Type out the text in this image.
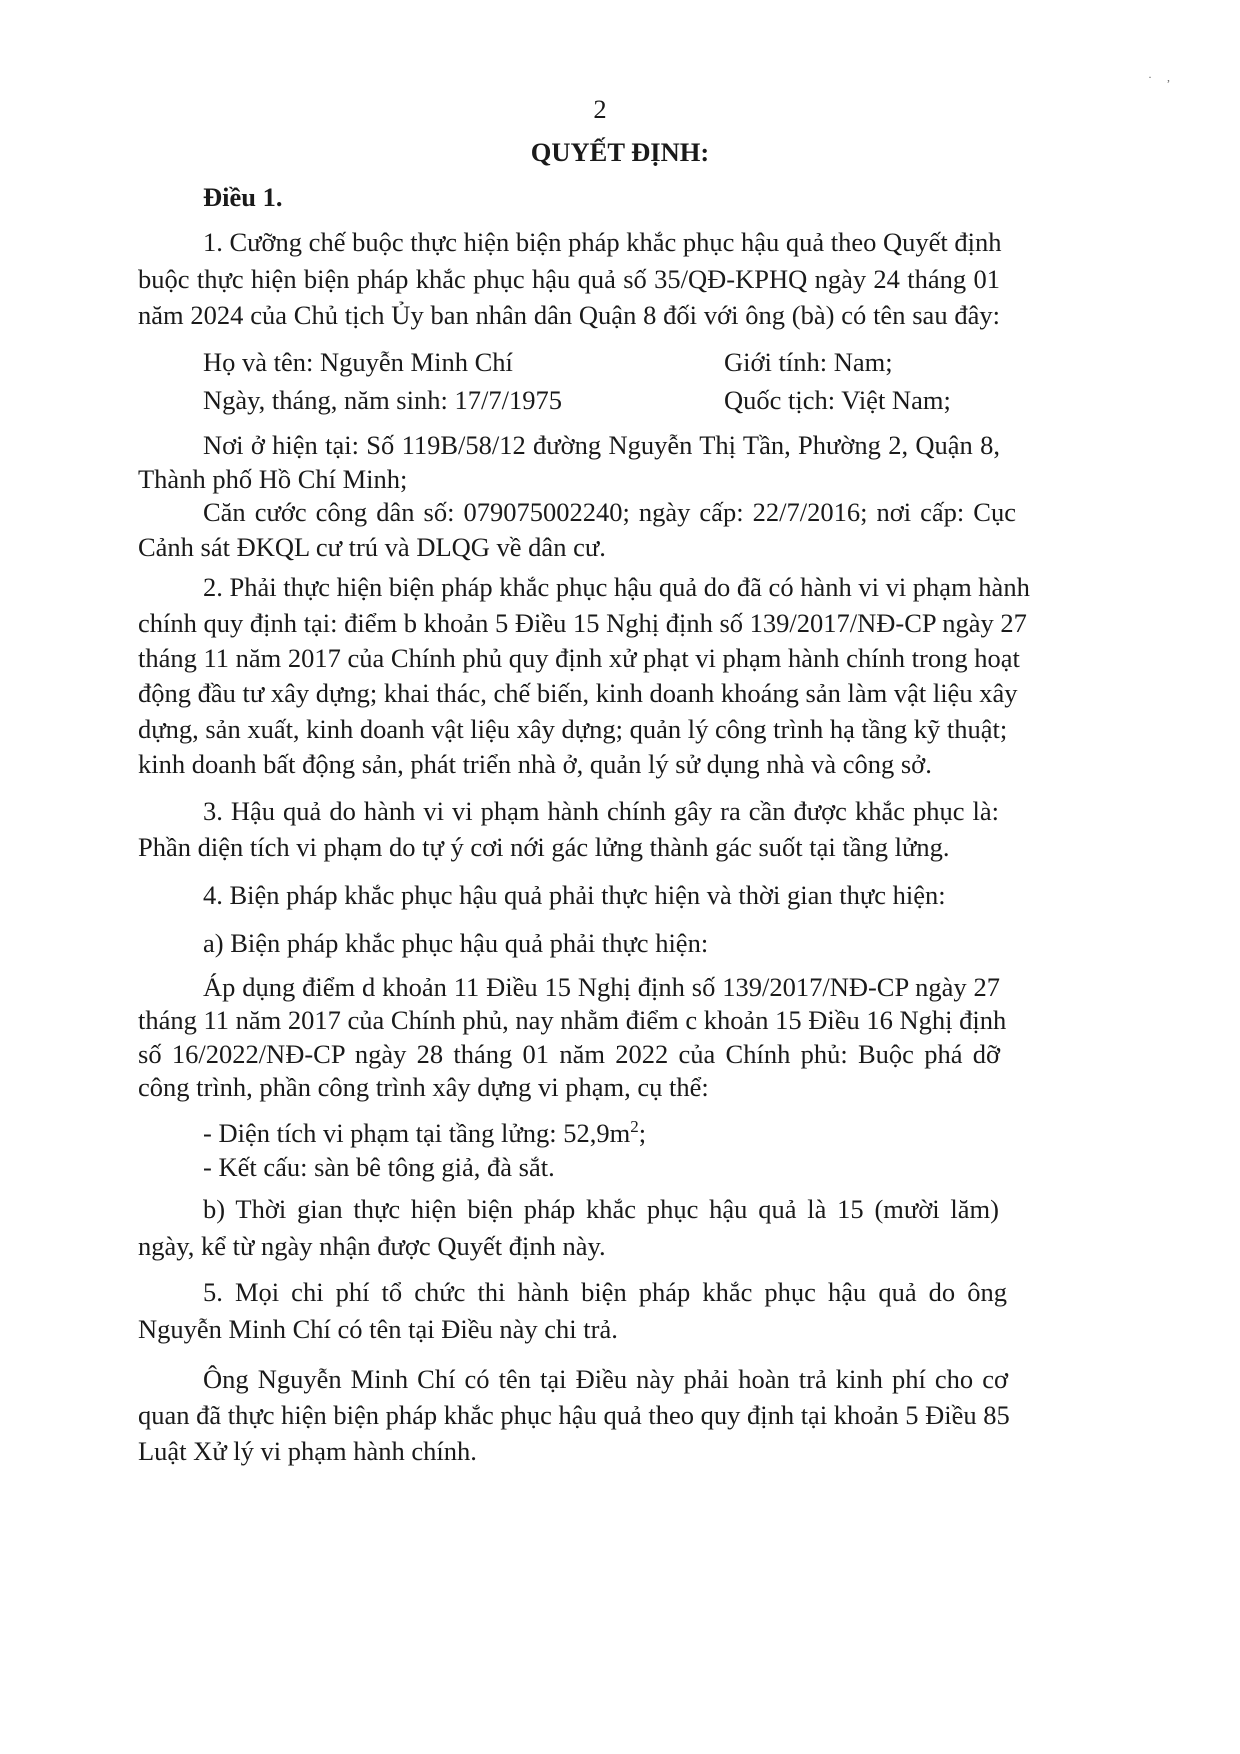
· ,

2

QUYẾT ĐỊNH:

Điều 1.

1. Cưỡng chế buộc thực hiện biện pháp khắc phục hậu quả theo Quyết định

buộc thực hiện biện pháp khắc phục hậu quả số 35/QĐ-KPHQ ngày 24 tháng 01

năm 2024 của Chủ tịch Ủy ban nhân dân Quận 8 đối với ông (bà) có tên sau đây:

Họ và tên: Nguyễn Minh Chí	Giới tính: Nam;

Ngày, tháng, năm sinh: 17/7/1975	Quốc tịch: Việt Nam;

Nơi ở hiện tại: Số 119B/58/12 đường Nguyễn Thị Tần, Phường 2, Quận 8,

Thành phố Hồ Chí Minh;

Căn cước công dân số: 079075002240; ngày cấp: 22/7/2016; nơi cấp: Cục

Cảnh sát ĐKQL cư trú và DLQG về dân cư.

2. Phải thực hiện biện pháp khắc phục hậu quả do đã có hành vi vi phạm hành

chính quy định tại: điểm b khoản 5 Điều 15 Nghị định số 139/2017/NĐ-CP ngày 27

tháng 11 năm 2017 của Chính phủ quy định xử phạt vi phạm hành chính trong hoạt

động đầu tư xây dựng; khai thác, chế biến, kinh doanh khoáng sản làm vật liệu xây

dựng, sản xuất, kinh doanh vật liệu xây dựng; quản lý công trình hạ tầng kỹ thuật;

kinh doanh bất động sản, phát triển nhà ở, quản lý sử dụng nhà và công sở.

3. Hậu quả do hành vi vi phạm hành chính gây ra cần được khắc phục là:

Phần diện tích vi phạm do tự ý cơi nới gác lửng thành gác suốt tại tầng lửng.

4. Biện pháp khắc phục hậu quả phải thực hiện và thời gian thực hiện:

a) Biện pháp khắc phục hậu quả phải thực hiện:

Áp dụng điểm d khoản 11 Điều 15 Nghị định số 139/2017/NĐ-CP ngày 27

tháng 11 năm 2017 của Chính phủ, nay nhằm điểm c khoản 15 Điều 16 Nghị định

số 16/2022/NĐ-CP ngày 28 tháng 01 năm 2022 của Chính phủ: Buộc phá dỡ

công trình, phần công trình xây dựng vi phạm, cụ thể:

- Diện tích vi phạm tại tầng lửng: $52,9m^2$;

- Kết cấu: sàn bê tông giả, đà sắt.

b) Thời gian thực hiện biện pháp khắc phục hậu quả là 15 (mười lăm)

ngày, kể từ ngày nhận được Quyết định này.

5. Mọi chi phí tổ chức thi hành biện pháp khắc phục hậu quả do ông

Nguyễn Minh Chí có tên tại Điều này chi trả.

Ông Nguyễn Minh Chí có tên tại Điều này phải hoàn trả kinh phí cho cơ

quan đã thực hiện biện pháp khắc phục hậu quả theo quy định tại khoản 5 Điều 85

Luật Xử lý vi phạm hành chính.
